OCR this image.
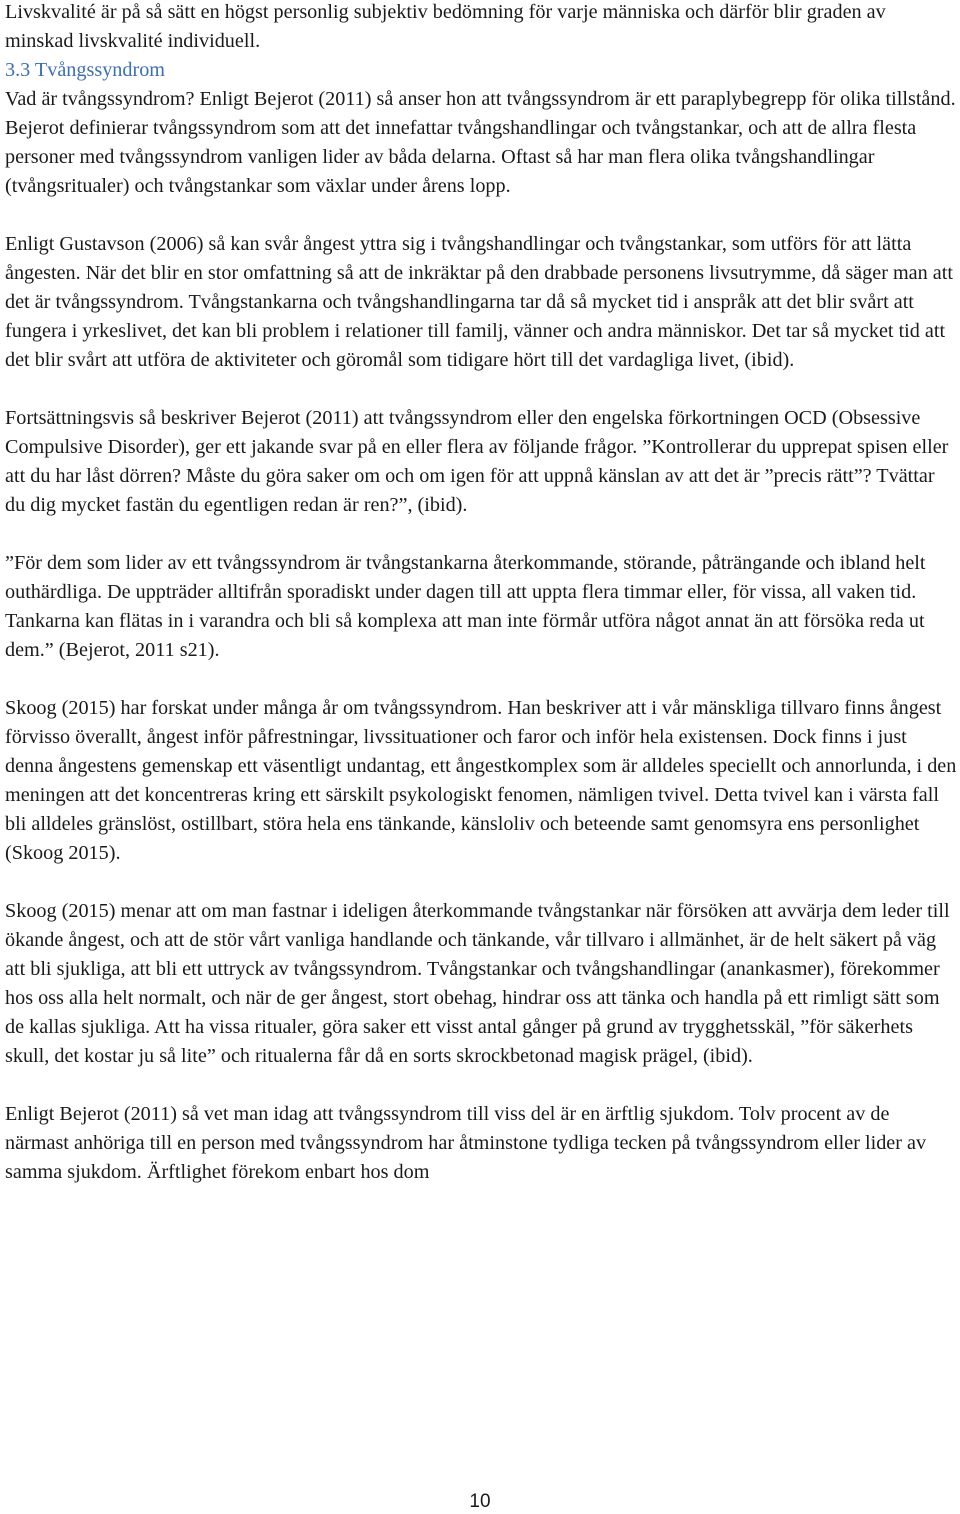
Livskvalité är på så sätt en högst personlig subjektiv bedömning för varje människa och därför blir graden av minskad livskvalité individuell.

3.3 Tvångssyndrom

Vad är tvångssyndrom? Enligt Bejerot (2011) så anser hon att tvångssyndrom är ett paraplybegrepp för olika tillstånd. Bejerot definierar tvångssyndrom som att det innefattar tvångshandlingar och tvångstankar, och att de allra flesta personer med tvångssyndrom vanligen lider av båda delarna. Oftast så har man flera olika tvångshandlingar (tvångsritualer) och tvångstankar som växlar under årens lopp.

Enligt Gustavson (2006) så kan svår ångest yttra sig i tvångshandlingar och tvångstankar, som utförs för att lätta ångesten. När det blir en stor omfattning så att de inkräktar på den drabbade personens livsutrymme, då säger man att det är tvångssyndrom. Tvångstankarna och tvångshandlingarna tar då så mycket tid i anspråk att det blir svårt att fungera i yrkeslivet, det kan bli problem i relationer till familj, vänner och andra människor. Det tar så mycket tid att det blir svårt att utföra de aktiviteter och göromål som tidigare hört till det vardagliga livet, (ibid).

Fortsättningsvis så beskriver Bejerot (2011) att tvångssyndrom eller den engelska förkortningen OCD (Obsessive Compulsive Disorder), ger ett jakande svar på en eller flera av följande frågor. ”Kontrollerar du upprepat spisen eller att du har låst dörren? Måste du göra saker om och om igen för att uppnå känslan av att det är ”precis rätt”? Tvättar du dig mycket fastän du egentligen redan är ren?”, (ibid).

”För dem som lider av ett tvångssyndrom är tvångstankarna återkommande, störande, påträngande och ibland helt outhärdliga. De uppträder alltifrån sporadiskt under dagen till att uppta flera timmar eller, för vissa, all vaken tid. Tankarna kan flätas in i varandra och bli så komplexa att man inte förmår utföra något annat än att försöka reda ut dem.” (Bejerot, 2011 s21).

Skoog (2015) har forskat under många år om tvångssyndrom. Han beskriver att i vår mänskliga tillvaro finns ångest förvisso överallt, ångest inför påfrestningar, livssituationer och faror och inför hela existensen. Dock finns i just denna ångestens gemenskap ett väsentligt undantag, ett ångestkomplex som är alldeles speciellt och annorlunda, i den meningen att det koncentreras kring ett särskilt psykologiskt fenomen, nämligen tvivel. Detta tvivel kan i värsta fall bli alldeles gränslöst, ostillbart, störa hela ens tänkande, känsloliv och beteende samt genomsyra ens personlighet (Skoog 2015).

Skoog (2015) menar att om man fastnar i ideligen återkommande tvångstankar när försöken att avvärja dem leder till ökande ångest, och att de stör vårt vanliga handlande och tänkande, vår tillvaro i allmänhet, är de helt säkert på väg att bli sjukliga, att bli ett uttryck av tvångssyndrom. Tvångstankar och tvångshandlingar (anankasmer), förekommer hos oss alla helt normalt, och när de ger ångest, stort obehag, hindrar oss att tänka och handla på ett rimligt sätt som de kallas sjukliga. Att ha vissa ritualer, göra saker ett visst antal gånger på grund av trygghetsskäl, ”för säkerhets skull, det kostar ju så lite” och ritualerna får då en sorts skrockbetonad magisk prägel, (ibid).

Enligt Bejerot (2011) så vet man idag att tvångssyndrom till viss del är en ärftlig sjukdom. Tolv procent av de närmast anhöriga till en person med tvångssyndrom har åtminstone tydliga tecken på tvångssyndrom eller lider av samma sjukdom. Ärftlighet förekom enbart hos dom

10
